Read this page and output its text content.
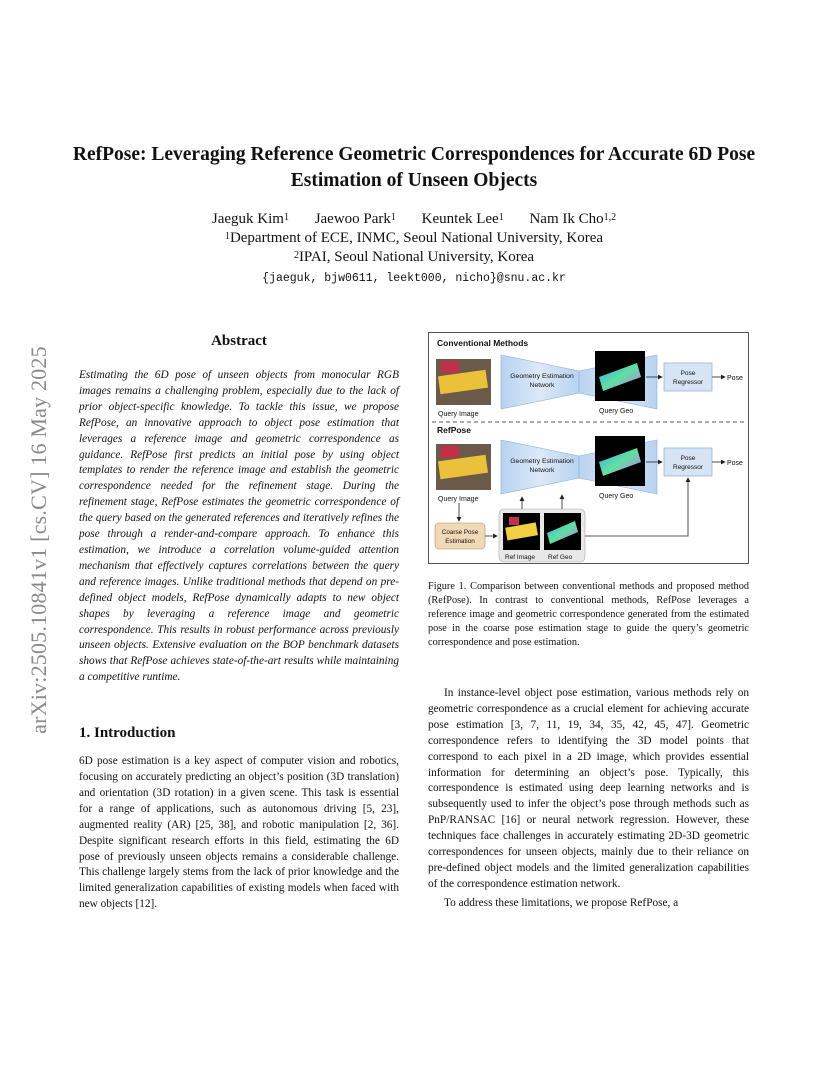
arXiv:2505.10841v1 [cs.CV] 16 May 2025
RefPose: Leveraging Reference Geometric Correspondences for Accurate 6D Pose Estimation of Unseen Objects
Jaeguk Kim$^1$ Jaewoo Park$^1$ Keuntek Lee$^1$ Nam Ik Cho$^{1,2}$
$^1$Department of ECE, INMC, Seoul National University, Korea
$^2$IPAI, Seoul National University, Korea
{jaeguk, bjw0611, leekt000, nicho}@snu.ac.kr
Abstract

Estimating the 6D pose of unseen objects from monocular RGB images remains a challenging problem, especially due to the lack of prior object-specific knowledge. To tackle this issue, we propose RefPose, an innovative approach to object pose estimation that leverages a reference image and geometric correspondence as guidance. RefPose first predicts an initial pose by using object templates to render the reference image and establish the geometric correspondence needed for the refinement stage. During the refinement stage, RefPose estimates the geometric correspondence of the query based on the generated references and iteratively refines the pose through a render-and-compare approach. To enhance this estimation, we introduce a correlation volume-guided attention mechanism that effectively captures correlations between the query and reference images. Unlike traditional methods that depend on pre-defined object models, RefPose dynamically adapts to new object shapes by leveraging a reference image and geometric correspondence. This results in robust performance across previously unseen objects. Extensive evaluation on the BOP benchmark datasets shows that RefPose achieves state-of-the-art results while maintaining a competitive runtime.

1. Introduction

6D pose estimation is a key aspect of computer vision and robotics, focusing on accurately predicting an object’s position (3D translation) and orientation (3D rotation) in a given scene. This task is essential for a range of applications, such as autonomous driving [5, 23], augmented reality (AR) [25, 38], and robotic manipulation [2, 36]. Despite significant research efforts in this field, estimating the 6D pose of previously unseen objects remains a considerable challenge. This challenge largely stems from the lack of prior knowledge and the limited generalization capabilities of existing models when faced with new objects [12].

Conventional Methods
Query Image
Geometry Estimation
Network
Query Geo
Pose
Regressor
Pose
RefPose
Query Image
Geometry Estimation
Network
Query Geo
Pose
Regressor
Pose
Coarse Pose
Estimation
Ref Image Ref Geo

Figure 1. Comparison between conventional methods and proposed method (RefPose). In contrast to conventional methods, RefPose leverages a reference image and geometric correspondence generated from the estimated pose in the coarse pose estimation stage to guide the query’s geometric correspondence and pose estimation.

In instance-level object pose estimation, various methods rely on geometric correspondence as a crucial element for achieving accurate pose estimation [3, 7, 11, 19, 34, 35, 42, 45, 47]. Geometric correspondence refers to identifying the 3D model points that correspond to each pixel in a 2D image, which provides essential information for determining an object’s pose. Typically, this correspondence is estimated using deep learning networks and is subsequently used to infer the object’s pose through methods such as PnP/RANSAC [16] or neural network regression. However, these techniques face challenges in accurately estimating 2D-3D geometric correspondences for unseen objects, mainly due to their reliance on pre-defined object models and the limited generalization capabilities of the correspondence estimation network.

To address these limitations, we propose RefPose, a
